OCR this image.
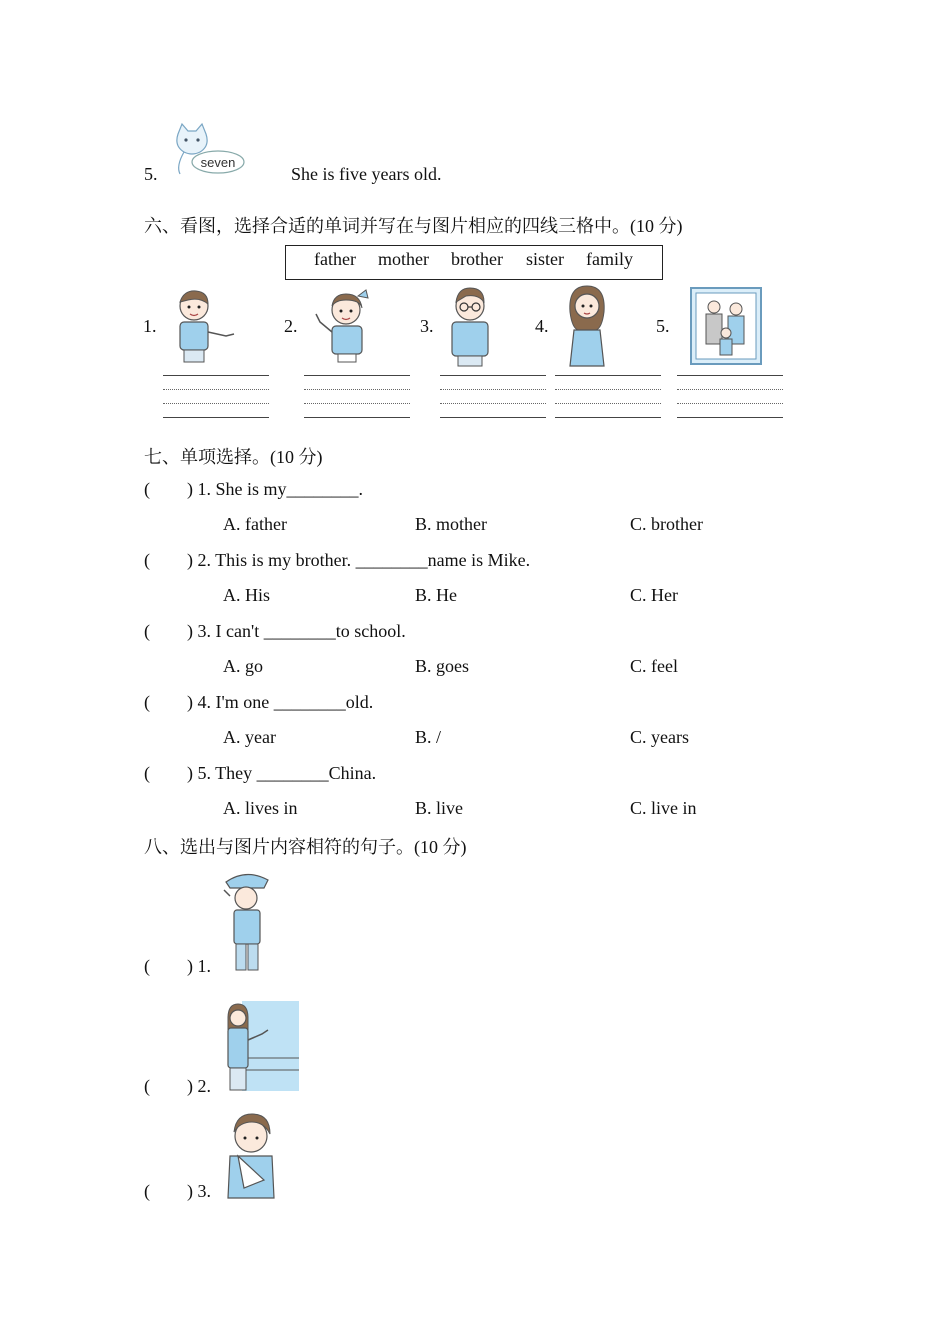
5.
seven
She is five years old.
六、看图，选择合适的单词并写在与图片相应的四线三格中。(10 分)
father mother brother sister family
1.	2.	3.	4.	5.
七、单项选择。(10 分)
( ) 1. She is my________.
A. father	B. mother	C. brother
( ) 2. This is my brother. ________name is Mike.
A. His	B. He	C. Her
( ) 3. I can't ________to school.
A. go	B. goes	C. feel
( ) 4. I'm one ________old.
A. year	B. /	C. years
( ) 5. They ________China.
A. lives in	B. live	C. live in
八、选出与图片内容相符的句子。(10 分)
( ) 1.
( ) 2.
( ) 3.
